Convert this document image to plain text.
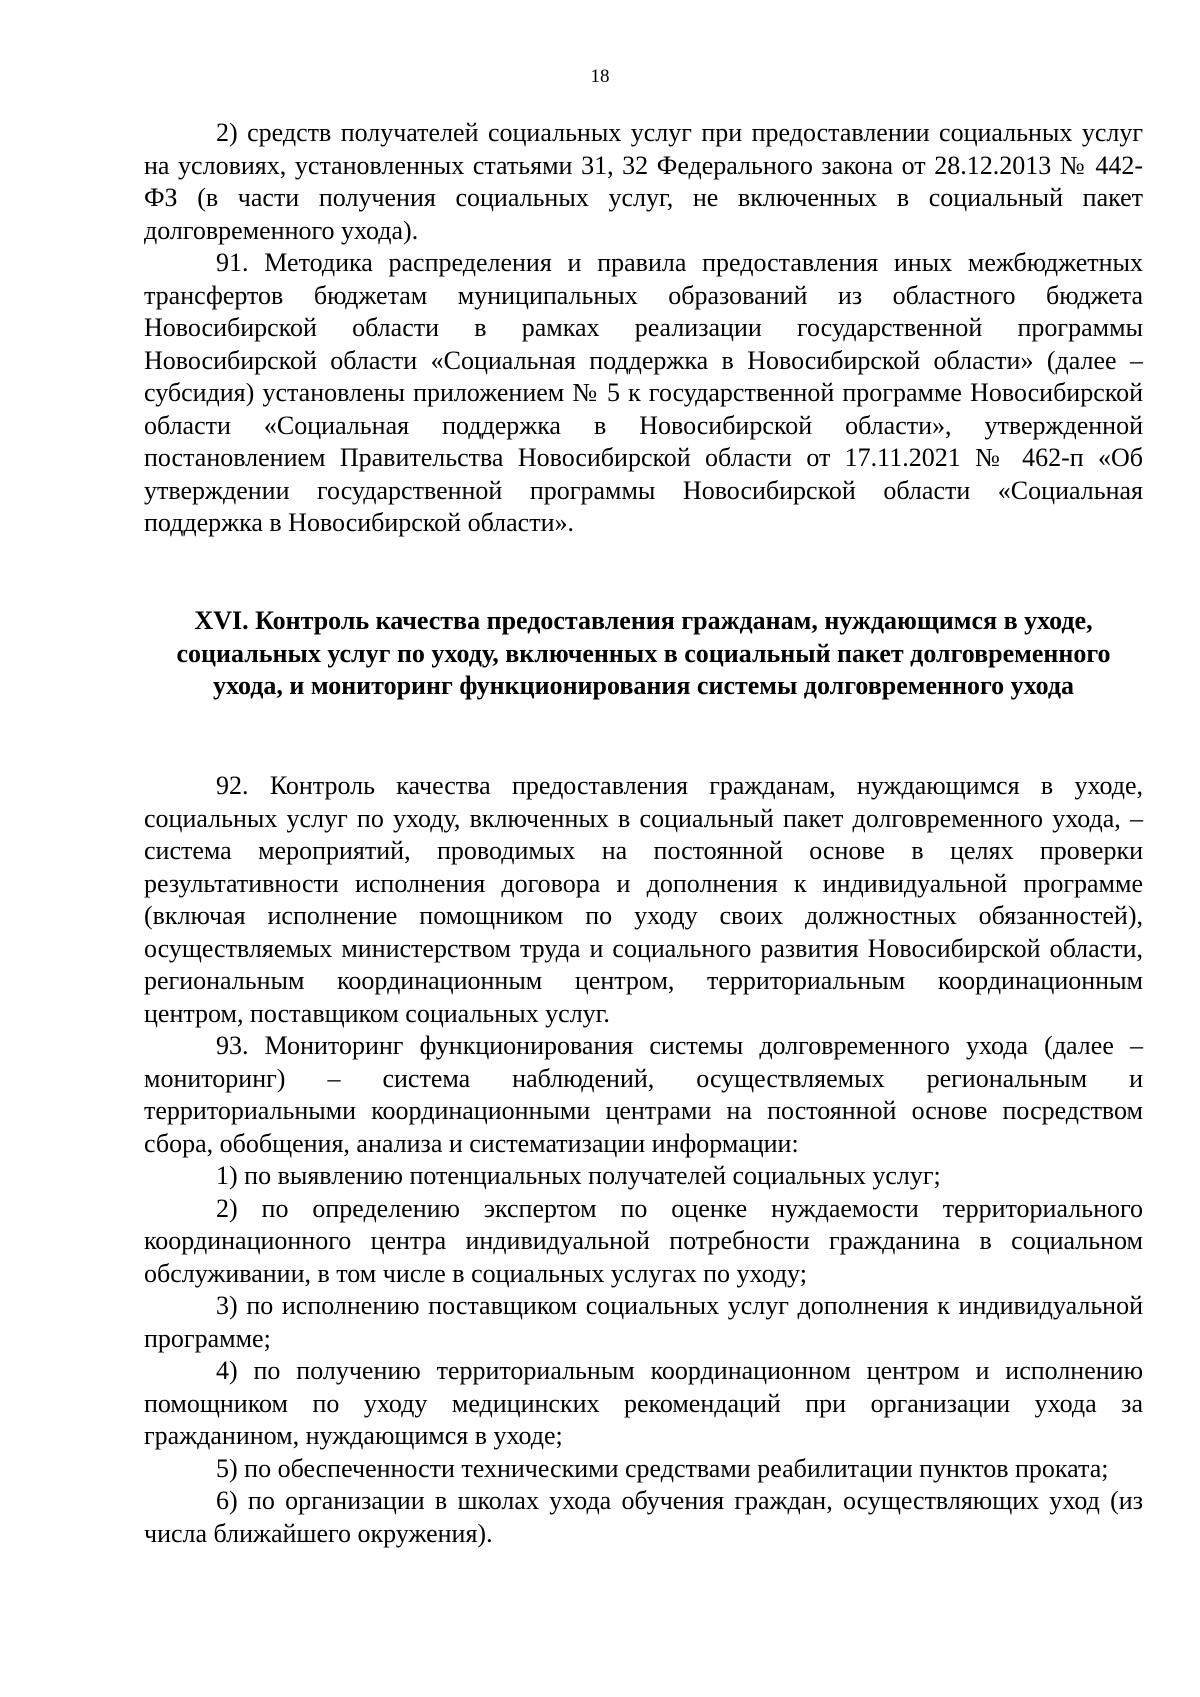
18

2) средств получателей социальных услуг при предоставлении социальных услуг на условиях, установленных статьями 31, 32 Федерального закона от 28.12.2013 № 442-ФЗ (в части получения социальных услуг, не включенных в социальный пакет долговременного ухода).

91. Методика распределения и правила предоставления иных межбюджетных трансфертов бюджетам муниципальных образований из областного бюджета Новосибирской области в рамках реализации государственной программы Новосибирской области «Социальная поддержка в Новосибирской области» (далее – субсидия) установлены приложением № 5 к государственной программе Новосибирской области «Социальная поддержка в Новосибирской области», утвержденной постановлением Правительства Новосибирской области от 17.11.2021 № 462-п «Об утверждении государственной программы Новосибирской области «Социальная поддержка в Новосибирской области».

XVI. Контроль качества предоставления гражданам, нуждающимся в уходе, социальных услуг по уходу, включенных в социальный пакет долговременного ухода, и мониторинг функционирования системы долговременного ухода

92. Контроль качества предоставления гражданам, нуждающимся в уходе, социальных услуг по уходу, включенных в социальный пакет долговременного ухода, – система мероприятий, проводимых на постоянной основе в целях проверки результативности исполнения договора и дополнения к индивидуальной программе (включая исполнение помощником по уходу своих должностных обязанностей), осуществляемых министерством труда и социального развития Новосибирской области, региональным координационным центром, территориальным координационным центром, поставщиком социальных услуг.

93. Мониторинг функционирования системы долговременного ухода (далее – мониторинг) – система наблюдений, осуществляемых региональным и территориальными координационными центрами на постоянной основе посредством сбора, обобщения, анализа и систематизации информации:

1) по выявлению потенциальных получателей социальных услуг;

2) по определению экспертом по оценке нуждаемости территориального координационного центра индивидуальной потребности гражданина в социальном обслуживании, в том числе в социальных услугах по уходу;

3) по исполнению поставщиком социальных услуг дополнения к индивидуальной программе;

4) по получению территориальным координационном центром и исполнению помощником по уходу медицинских рекомендаций при организации ухода за гражданином, нуждающимся в уходе;

5) по обеспеченности техническими средствами реабилитации пунктов проката;

6) по организации в школах ухода обучения граждан, осуществляющих уход (из числа ближайшего окружения).
